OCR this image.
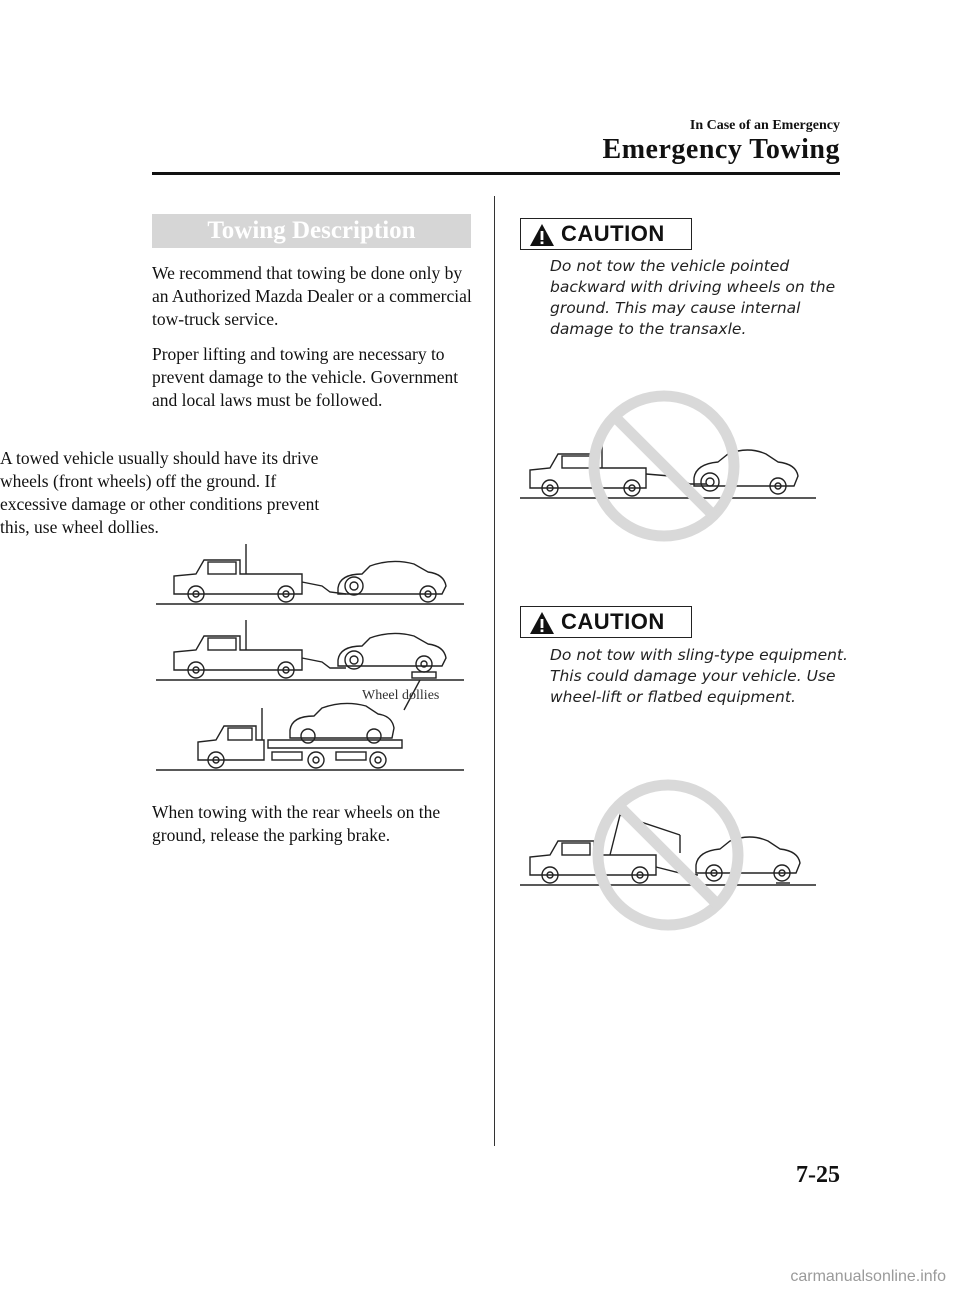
In Case of an Emergency
Emergency Towing
Towing Description
We recommend that towing be done only by an Authorized Mazda Dealer or a commercial tow-truck service.
Proper lifting and towing are necessary to prevent damage to the vehicle. Government and local laws must be followed.
A towed vehicle usually should have its drive wheels (front wheels) off the ground. If excessive damage or other conditions prevent this, use wheel dollies.
Wheel dollies
When towing with the rear wheels on the ground, release the parking brake.
CAUTION
Do not tow the vehicle pointed backward with driving wheels on the ground. This may cause internal damage to the transaxle.
CAUTION
Do not tow with sling-type equipment. This could damage your vehicle. Use wheel-lift or flatbed equipment.
7-25
carmanualsonline.info
